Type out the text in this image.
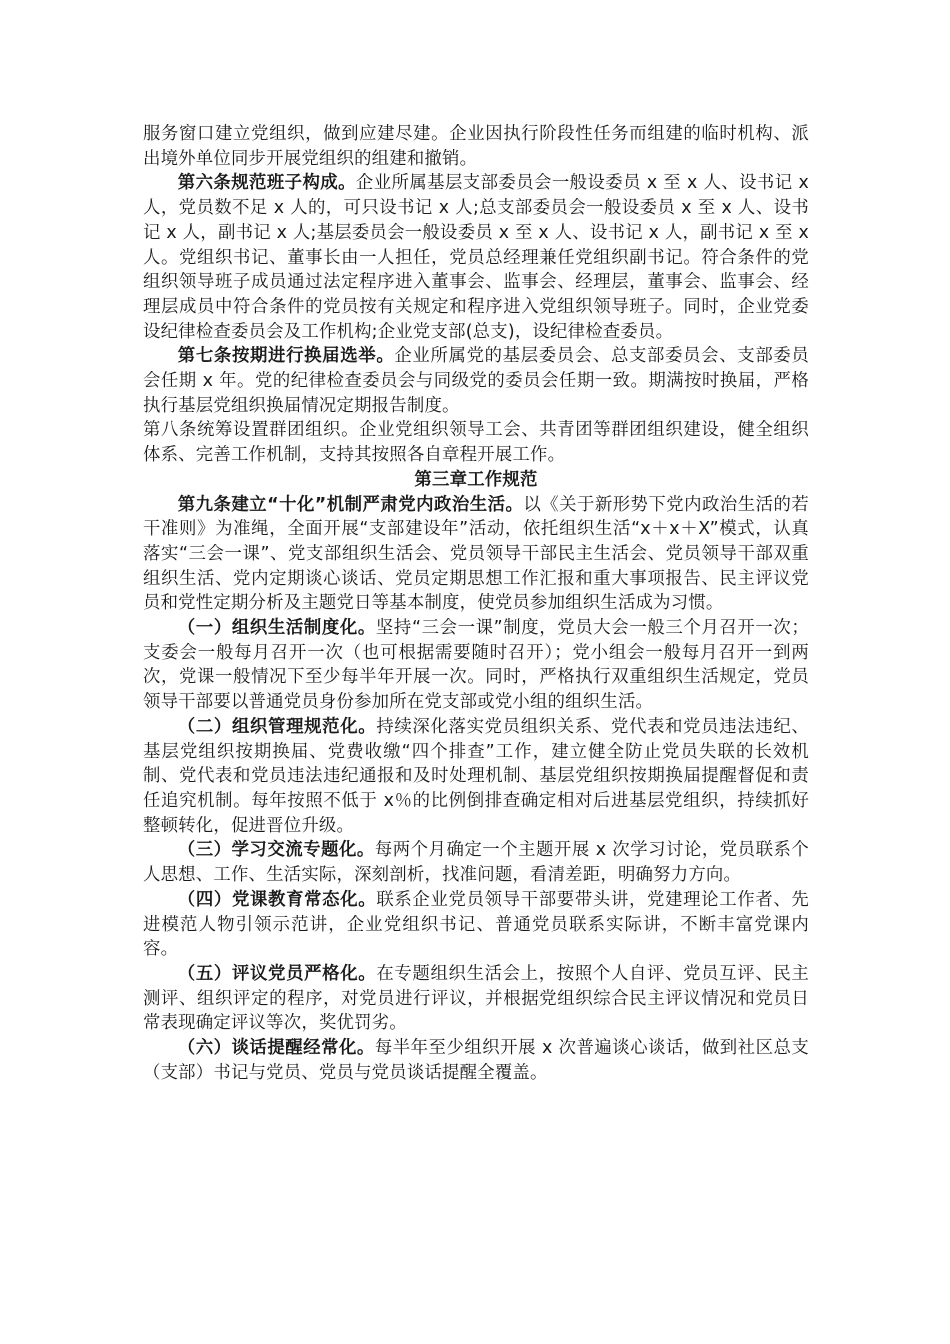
服务窗口建立党组织，做到应建尽建。企业因执行阶段性任务而组建的临时机构、派出境外单位同步开展党组织的组建和撤销。

第六条规范班子构成。企业所属基层支部委员会一般设委员 x 至 x 人、设书记 x 人，党员数不足 x 人的，可只设书记 x 人;总支部委员会一般设委员 x 至 x 人、设书记 x 人，副书记 x 人;基层委员会一般设委员 x 至 x 人、设书记 x 人，副书记 x 至 x 人。党组织书记、董事长由一人担任，党员总经理兼任党组织副书记。符合条件的党组织领导班子成员通过法定程序进入董事会、监事会、经理层，董事会、监事会、经理层成员中符合条件的党员按有关规定和程序进入党组织领导班子。同时，企业党委设纪律检查委员会及工作机构;企业党支部(总支)，设纪律检查委员。

第七条按期进行换届选举。企业所属党的基层委员会、总支部委员会、支部委员会任期 x 年。党的纪律检查委员会与同级党的委员会任期一致。期满按时换届，严格执行基层党组织换届情况定期报告制度。

第八条统筹设置群团组织。企业党组织领导工会、共青团等群团组织建设，健全组织体系、完善工作机制，支持其按照各自章程开展工作。

第三章工作规范

第九条建立“十化”机制严肃党内政治生活。以《关于新形势下党内政治生活的若干准则》为准绳，全面开展“支部建设年”活动，依托组织生活“x＋x＋X”模式，认真落实“三会一课”、党支部组织生活会、党员领导干部民主生活会、党员领导干部双重组织生活、党内定期谈心谈话、党员定期思想工作汇报和重大事项报告、民主评议党员和党性定期分析及主题党日等基本制度，使党员参加组织生活成为习惯。

（一）组织生活制度化。坚持“三会一课”制度，党员大会一般三个月召开一次；支委会一般每月召开一次（也可根据需要随时召开）；党小组会一般每月召开一到两次，党课一般情况下至少每半年开展一次。同时，严格执行双重组织生活规定，党员领导干部要以普通党员身份参加所在党支部或党小组的组织生活。

（二）组织管理规范化。持续深化落实党员组织关系、党代表和党员违法违纪、基层党组织按期换届、党费收缴“四个排查”工作，建立健全防止党员失联的长效机制、党代表和党员违法违纪通报和及时处理机制、基层党组织按期换届提醒督促和责任追究机制。每年按照不低于 x％的比例倒排查确定相对后进基层党组织，持续抓好整顿转化，促进晋位升级。

（三）学习交流专题化。每两个月确定一个主题开展 x 次学习讨论，党员联系个人思想、工作、生活实际，深刻剖析，找准问题，看清差距，明确努力方向。

（四）党课教育常态化。联系企业党员领导干部要带头讲，党建理论工作者、先进模范人物引领示范讲，企业党组织书记、普通党员联系实际讲，不断丰富党课内容。

（五）评议党员严格化。在专题组织生活会上，按照个人自评、党员互评、民主测评、组织评定的程序，对党员进行评议，并根据党组织综合民主评议情况和党员日常表现确定评议等次，奖优罚劣。

（六）谈话提醒经常化。每半年至少组织开展 x 次普遍谈心谈话，做到社区总支（支部）书记与党员、党员与党员谈话提醒全覆盖。
